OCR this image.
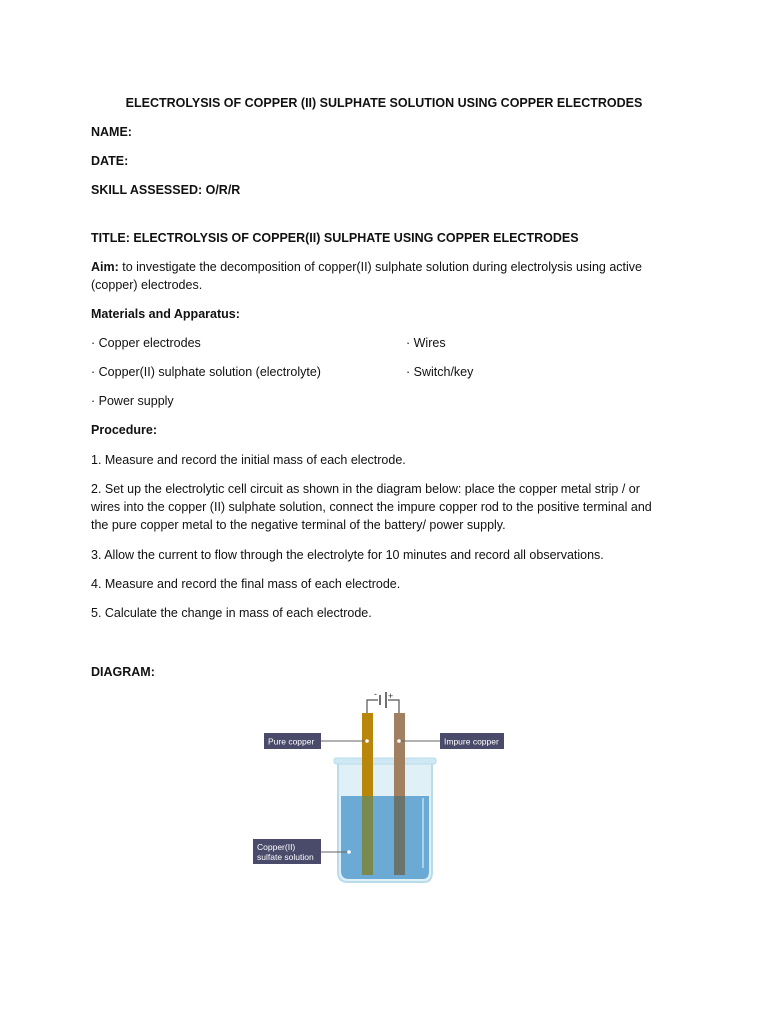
ELECTROLYSIS OF COPPER (II) SULPHATE SOLUTION USING COPPER ELECTRODES
NAME:
DATE:
SKILL ASSESSED: O/R/R
TITLE: ELECTROLYSIS OF COPPER(II) SULPHATE USING COPPER ELECTRODES
Aim: to investigate the decomposition of copper(II) sulphate solution during electrolysis using active
(copper) electrodes.
Materials and Apparatus:
· Copper electrodes	· Wires
· Copper(II) sulphate solution (electrolyte)	· Switch/key
· Power supply
Procedure:
1. Measure and record the initial mass of each electrode.
2. Set up the electrolytic cell circuit as shown in the diagram below: place the copper metal strip / or
wires into the copper (II) sulphate solution, connect the impure copper rod to the positive terminal and
the pure copper metal to the negative terminal of the battery/ power supply.
3. Allow the current to flow through the electrolyte for 10 minutes and record all observations.
4. Measure and record the final mass of each electrode.
5. Calculate the change in mass of each electrode.
DIAGRAM:
- +
Pure copper	Impure copper
Copper(II)
sulfate solution
